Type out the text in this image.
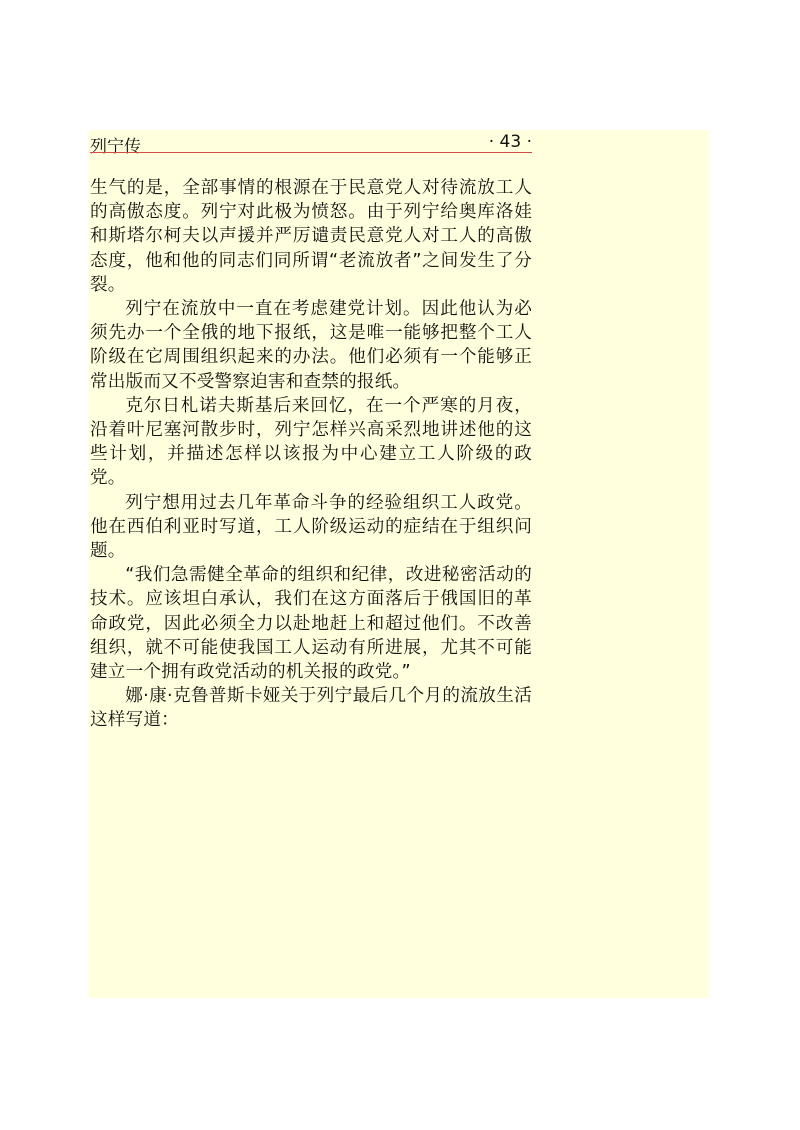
列宁传	· 43 ·

生气的是，全部事情的根源在于民意党人对待流放工人的高傲态度。列宁对此极为愤怒。由于列宁给奥库洛娃和斯塔尔柯夫以声援并严厉谴责民意党人对工人的高傲态度，他和他的同志们同所谓“老流放者”之间发生了分裂。

列宁在流放中一直在考虑建党计划。因此他认为必须先办一个全俄的地下报纸，这是唯一能够把整个工人阶级在它周围组织起来的办法。他们必须有一个能够正常出版而又不受警察迫害和查禁的报纸。

克尔日札诺夫斯基后来回忆，在一个严寒的月夜，沿着叶尼塞河散步时，列宁怎样兴高采烈地讲述他的这些计划，并描述怎样以该报为中心建立工人阶级的政党。

列宁想用过去几年革命斗争的经验组织工人政党。他在西伯利亚时写道，工人阶级运动的症结在于组织问题。

“我们急需健全革命的组织和纪律，改进秘密活动的技术。应该坦白承认，我们在这方面落后于俄国旧的革命政党，因此必须全力以赴地赶上和超过他们。不改善组织，就不可能使我国工人运动有所进展，尤其不可能建立一个拥有政党活动的机关报的政党。”

娜·康·克鲁普斯卡娅关于列宁最后几个月的流放生活这样写道：
